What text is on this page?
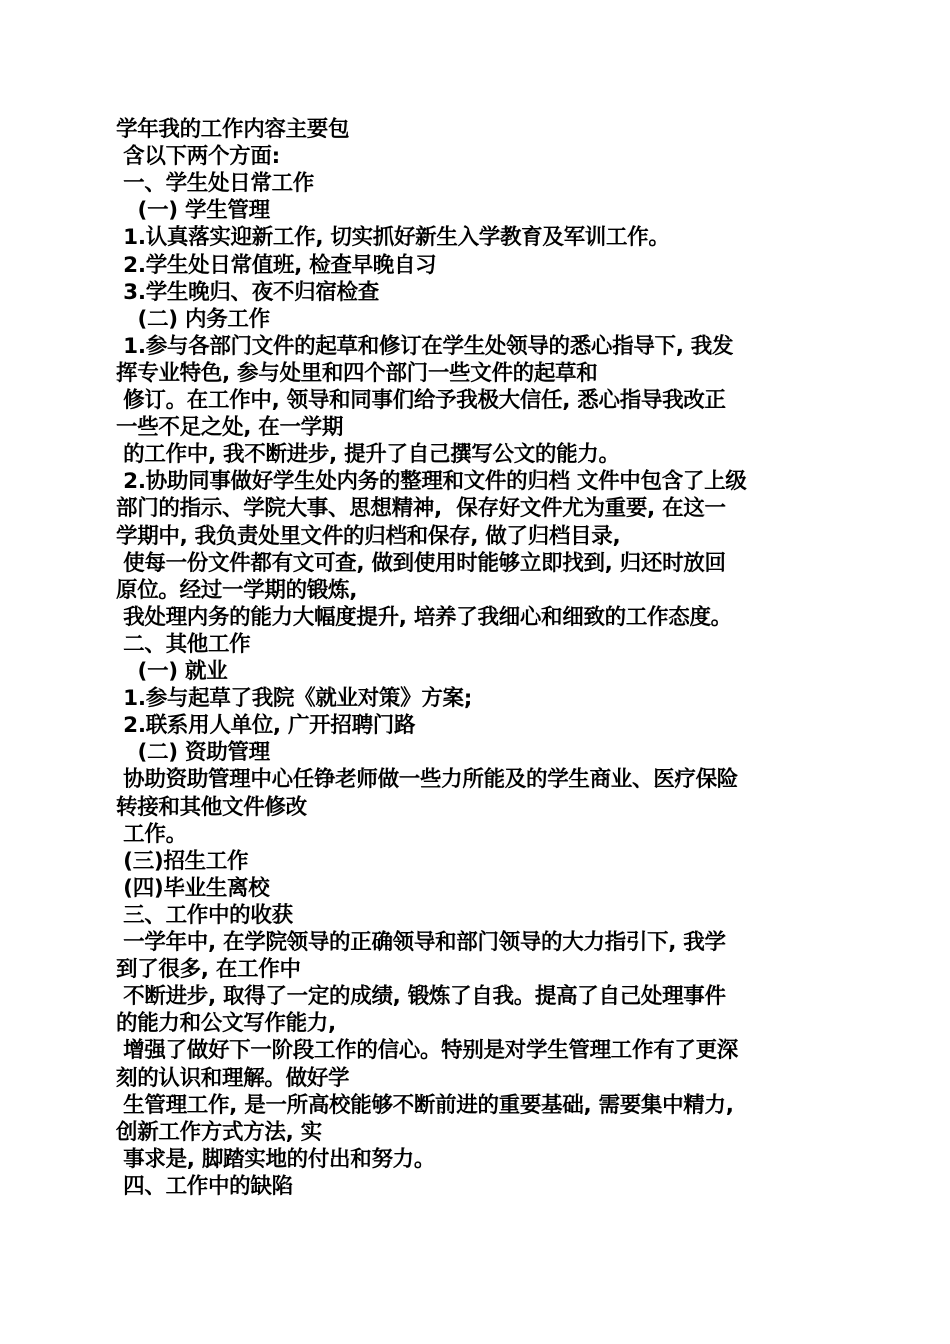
学年我的工作内容主要包
含以下两个方面:
一、学生处日常工作
(一) 学生管理
1.认真落实迎新工作, 切实抓好新生入学教育及军训工作。
2.学生处日常值班, 检查早晚自习
3.学生晚归、夜不归宿检查
(二) 内务工作
1.参与各部门文件的起草和修订在学生处领导的悉心指导下, 我发
挥专业特色, 参与处里和四个部门一些文件的起草和
修订。在工作中, 领导和同事们给予我极大信任, 悉心指导我改正
一些不足之处, 在一学期
的工作中, 我不断进步, 提升了自己撰写公文的能力。
2.协助同事做好学生处内务的整理和文件的归档 文件中包含了上级
部门的指示、学院大事、思想精神,  保存好文件尤为重要, 在这一
学期中, 我负责处里文件的归档和保存, 做了归档目录,
使每一份文件都有文可查, 做到使用时能够立即找到, 归还时放回
原位。经过一学期的锻炼,
我处理内务的能力大幅度提升, 培养了我细心和细致的工作态度。
二、其他工作
(一) 就业
1.参与起草了我院《就业对策》方案;
2.联系用人单位, 广开招聘门路
(二) 资助管理
协助资助管理中心任铮老师做一些力所能及的学生商业、医疗保险
转接和其他文件修改
工作。
(三)招生工作
(四)毕业生离校
三、工作中的收获
一学年中, 在学院领导的正确领导和部门领导的大力指引下, 我学
到了很多, 在工作中
不断进步, 取得了一定的成绩, 锻炼了自我。提高了自己处理事件
的能力和公文写作能力,
增强了做好下一阶段工作的信心。特别是对学生管理工作有了更深
刻的认识和理解。做好学
生管理工作, 是一所高校能够不断前进的重要基础, 需要集中精力,
创新工作方式方法, 实
事求是, 脚踏实地的付出和努力。
四、工作中的缺陷
